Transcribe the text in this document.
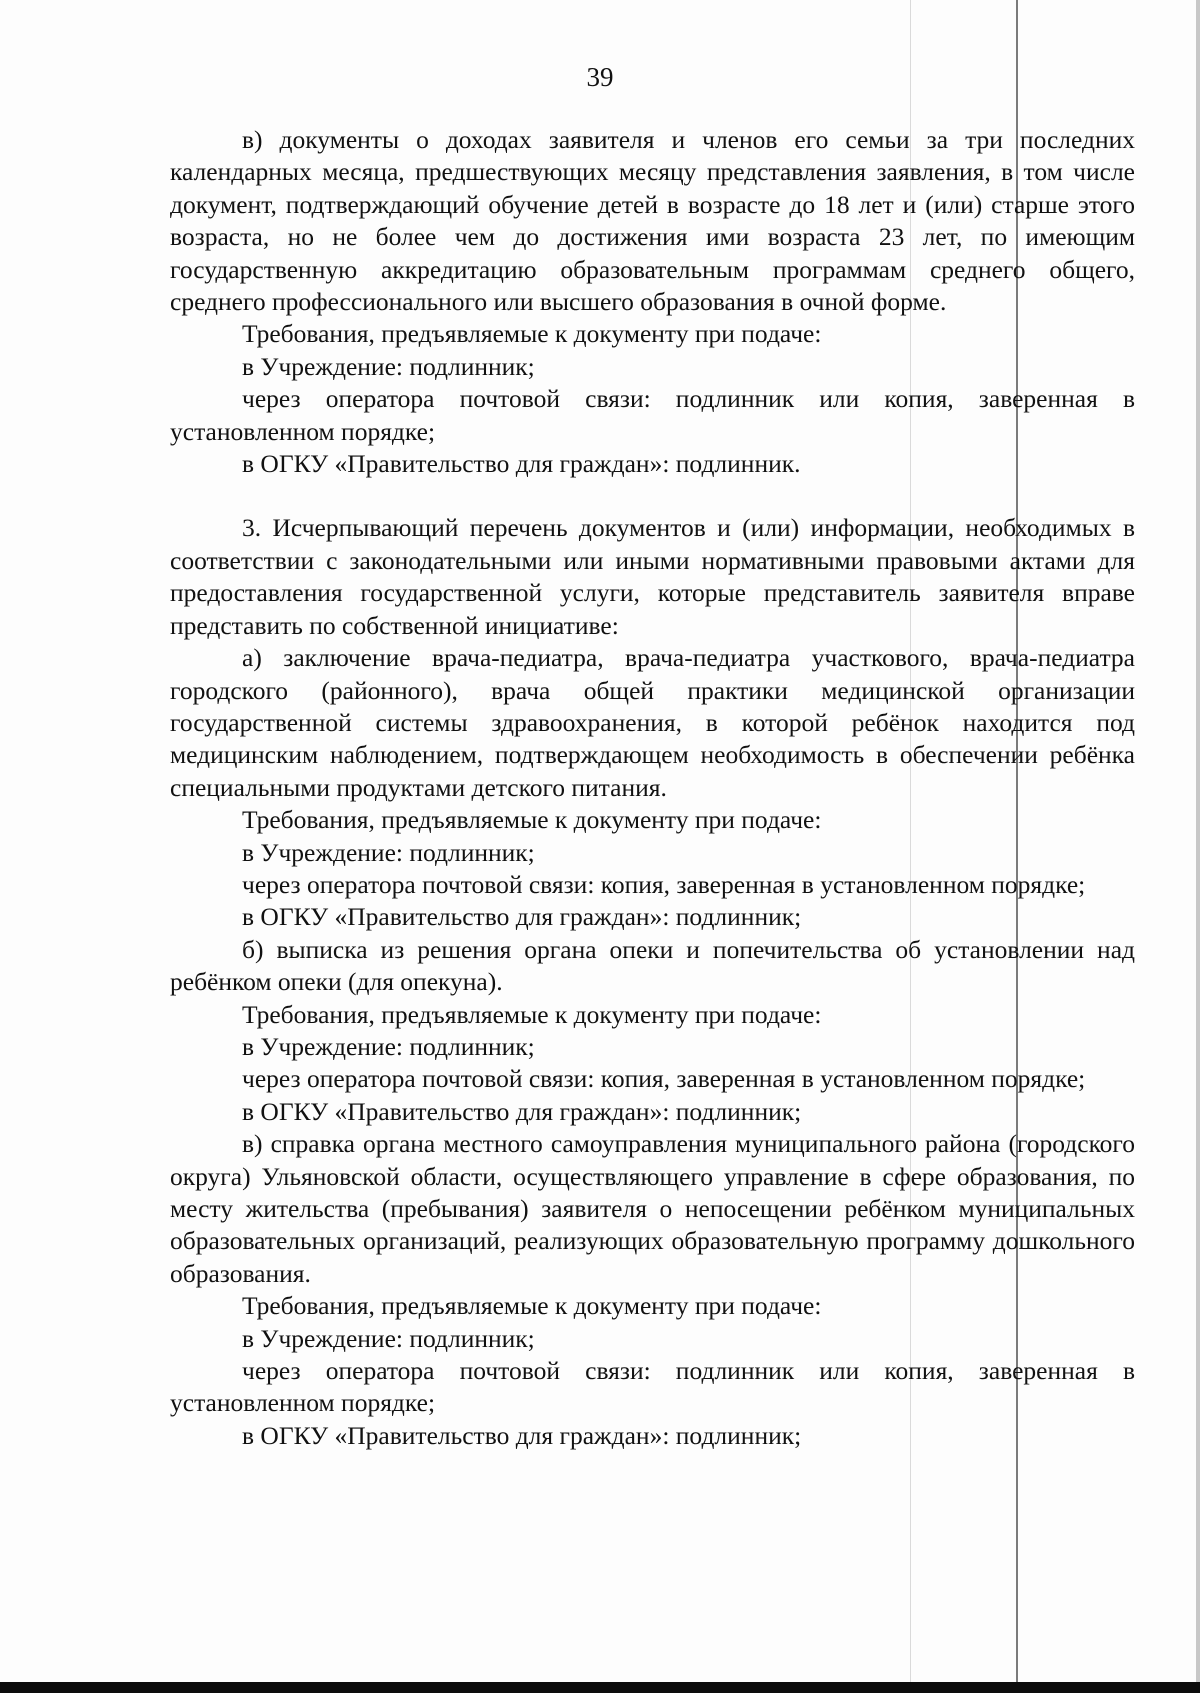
39

в) документы о доходах заявителя и членов его семьи за три последних календарных месяца, предшествующих месяцу представления заявления, в том числе документ, подтверждающий обучение детей в возрасте до 18 лет и (или) старше этого возраста, но не более чем до достижения ими возраста 23 лет, по имеющим государственную аккредитацию образовательным программам среднего общего, среднего профессионального или высшего образования в очной форме.

Требования, предъявляемые к документу при подаче:

в Учреждение: подлинник;

через оператора почтовой связи: подлинник или копия, заверенная в установленном порядке;

в ОГКУ «Правительство для граждан»: подлинник.

3. Исчерпывающий перечень документов и (или) информации, необходимых в соответствии с законодательными или иными нормативными правовыми актами для предоставления государственной услуги, которые представитель заявителя вправе представить по собственной инициативе:

а) заключение врача-педиатра, врача-педиатра участкового, врача-педиатра городского (районного), врача общей практики медицинской организации государственной системы здравоохранения, в которой ребёнок находится под медицинским наблюдением, подтверждающем необходимость в обеспечении ребёнка специальными продуктами детского питания.

Требования, предъявляемые к документу при подаче:

в Учреждение: подлинник;

через оператора почтовой связи: копия, заверенная в установленном порядке;

в ОГКУ «Правительство для граждан»: подлинник;

б) выписка из решения органа опеки и попечительства об установлении над ребёнком опеки (для опекуна).

Требования, предъявляемые к документу при подаче:

в Учреждение: подлинник;

через оператора почтовой связи: копия, заверенная в установленном порядке;

в ОГКУ «Правительство для граждан»: подлинник;

в) справка органа местного самоуправления муниципального района (городского округа) Ульяновской области, осуществляющего управление в сфере образования, по месту жительства (пребывания) заявителя о непосещении ребёнком муниципальных образовательных организаций, реализующих образовательную программу дошкольного образования.

Требования, предъявляемые к документу при подаче:

в Учреждение: подлинник;

через оператора почтовой связи: подлинник или копия, заверенная в установленном порядке;

в ОГКУ «Правительство для граждан»: подлинник;
